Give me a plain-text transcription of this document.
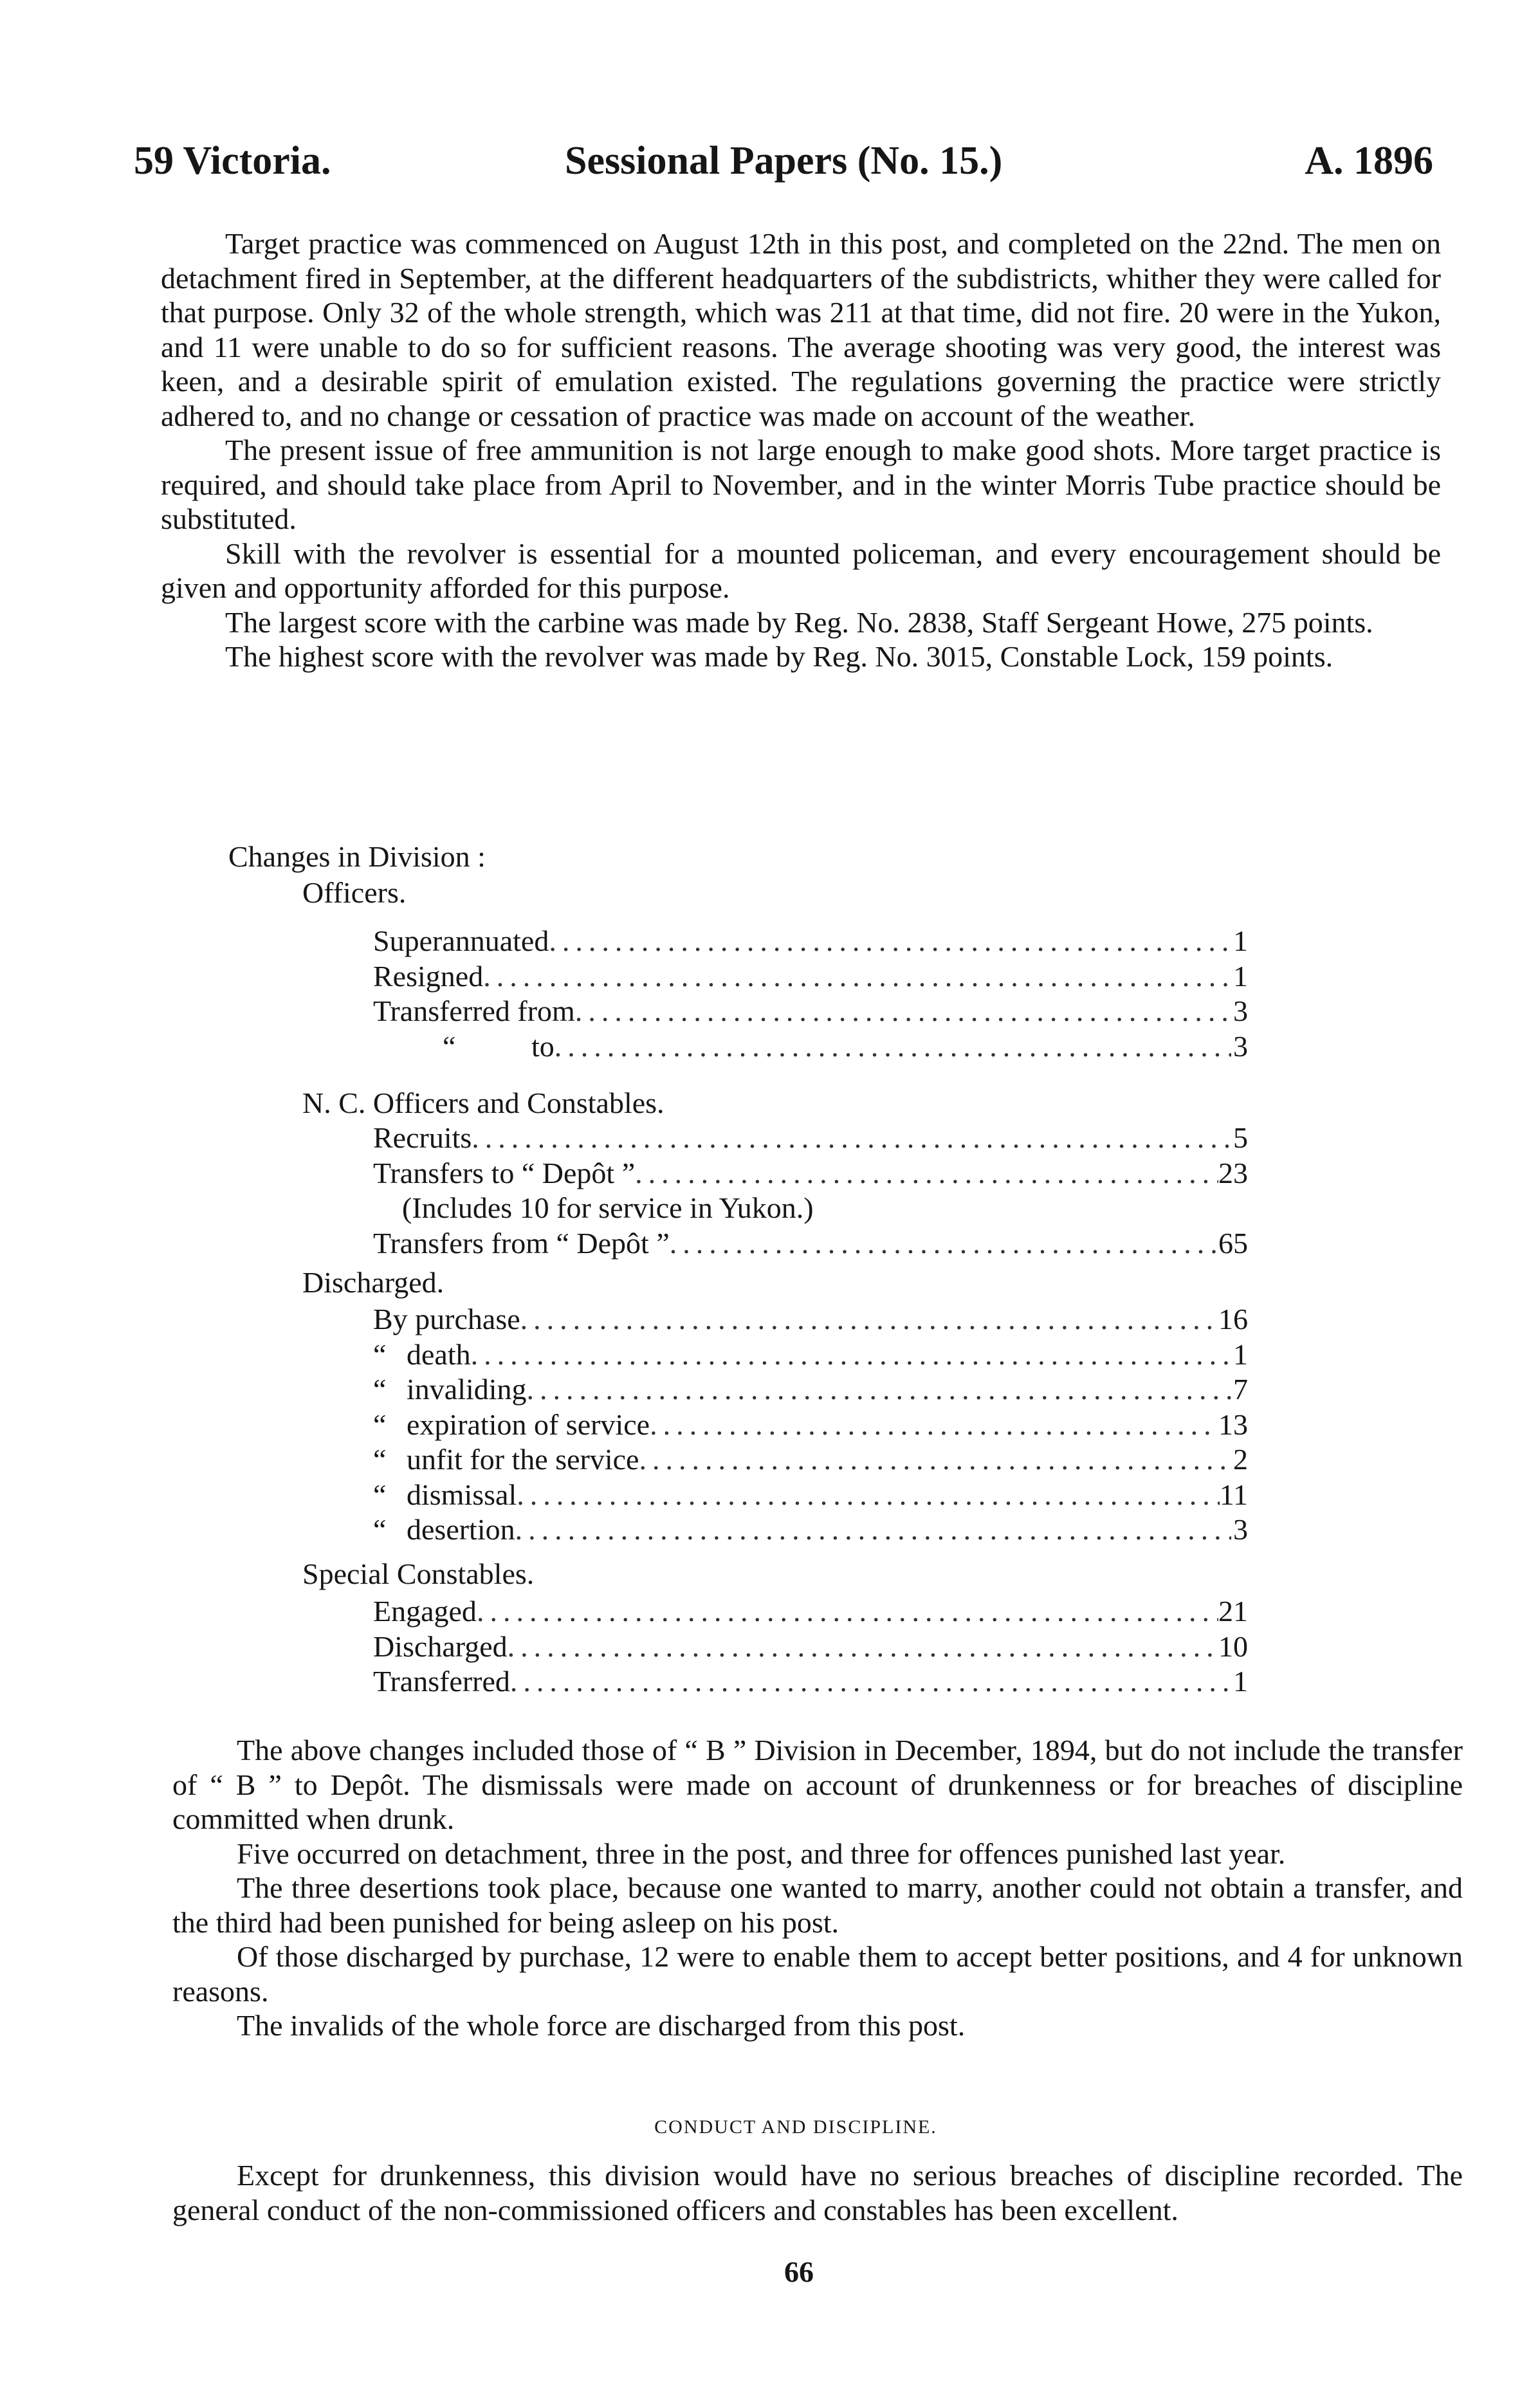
59 Victoria.	Sessional Papers (No. 15.)	A. 1896

Target practice was commenced on August 12th in this post, and completed on the 22nd. The men on detachment fired in September, at the different headquarters of the subdistricts, whither they were called for that purpose. Only 32 of the whole strength, which was 211 at that time, did not fire. 20 were in the Yukon, and 11 were unable to do so for sufficient reasons. The average shooting was very good, the interest was keen, and a desirable spirit of emulation existed. The regulations governing the practice were strictly adhered to, and no change or cessation of practice was made on account of the weather.

The present issue of free ammunition is not large enough to make good shots. More target practice is required, and should take place from April to November, and in the winter Morris Tube practice should be substituted.

Skill with the revolver is essential for a mounted policeman, and every encouragement should be given and opportunity afforded for this purpose.

The largest score with the carbine was made by Reg. No. 2838, Staff Sergeant Howe, 275 points.

The highest score with the revolver was made by Reg. No. 3015, Constable Lock, 159 points.

Changes in Division :
Officers.
Superannuated .....	1
Resigned .....	1
Transferred from .....	3
“	to .....	3
N. C. Officers and Constables.
Recruits .....	5
Transfers to “ Depôt ” .....	23
(Includes 10 for service in Yukon.)
Transfers from “ Depôt ” .....	65
Discharged.
By purchase .....	16
“ death .....	1
“ invaliding .....	7
“ expiration of service .....	13
“ unfit for the service .....	2
“ dismissal .....	11
“ desertion .....	3
Special Constables.
Engaged .....	21
Discharged .....	10
Transferred .....	1

The above changes included those of “ B ” Division in December, 1894, but do not include the transfer of “ B ” to Depôt. The dismissals were made on account of drunkenness or for breaches of discipline committed when drunk.

Five occurred on detachment, three in the post, and three for offences punished last year.

The three desertions took place, because one wanted to marry, another could not obtain a transfer, and the third had been punished for being asleep on his post.

Of those discharged by purchase, 12 were to enable them to accept better positions, and 4 for unknown reasons.

The invalids of the whole force are discharged from this post.

CONDUCT AND DISCIPLINE.

Except for drunkenness, this division would have no serious breaches of discipline recorded. The general conduct of the non-commissioned officers and constables has been excellent.

66
